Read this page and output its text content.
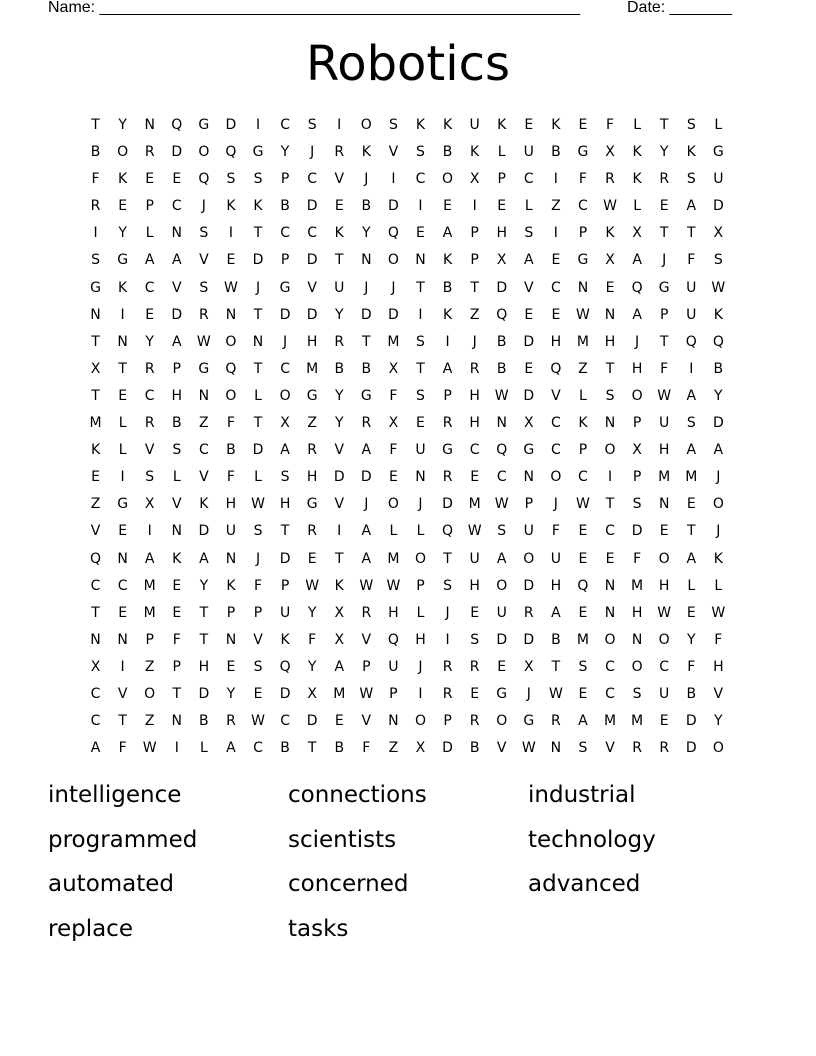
Name: ______________________________________________________	Date: _______
Robotics
T	Y	N	Q	G	D	I	C	S	I	O	S	K	K	U	K	E	K	E	F	L	T	S	L
B	O	R	D	O	Q	G	Y	J	R	K	V	S	B	K	L	U	B	G	X	K	Y	K	G
F	K	E	E	Q	S	S	P	C	V	J	I	C	O	X	P	C	I	F	R	K	R	S	U
R	E	P	C	J	K	K	B	D	E	B	D	I	E	I	E	L	Z	C	W	L	E	A	D
I	Y	L	N	S	I	T	C	C	K	Y	Q	E	A	P	H	S	I	P	K	X	T	T	X
S	G	A	A	V	E	D	P	D	T	N	O	N	K	P	X	A	E	G	X	A	J	F	S
G	K	C	V	S	W	J	G	V	U	J	J	T	B	T	D	V	C	N	E	Q	G	U	W
N	I	E	D	R	N	T	D	D	Y	D	D	I	K	Z	Q	E	E	W	N	A	P	U	K
T	N	Y	A	W	O	N	J	H	R	T	M	S	I	J	B	D	H	M	H	J	T	Q	Q
X	T	R	P	G	Q	T	C	M	B	B	X	T	A	R	B	E	Q	Z	T	H	F	I	B
T	E	C	H	N	O	L	O	G	Y	G	F	S	P	H	W	D	V	L	S	O	W	A	Y
M	L	R	B	Z	F	T	X	Z	Y	R	X	E	R	H	N	X	C	K	N	P	U	S	D
K	L	V	S	C	B	D	A	R	V	A	F	U	G	C	Q	G	C	P	O	X	H	A	A
E	I	S	L	V	F	L	S	H	D	D	E	N	R	E	C	N	O	C	I	P	M	M	J
Z	G	X	V	K	H	W	H	G	V	J	O	J	D	M	W	P	J	W	T	S	N	E	O
V	E	I	N	D	U	S	T	R	I	A	L	L	Q	W	S	U	F	E	C	D	E	T	J
Q	N	A	K	A	N	J	D	E	T	A	M	O	T	U	A	O	U	E	E	F	O	A	K
C	C	M	E	Y	K	F	P	W	K	W W	P	S	H	O	D	H	Q	N	M	H	L	L
T	E	M	E	T	P	P	U	Y	X	R	H	L	J	E	U	R	A	E	N	H	W	E	W
N	N	P	F	T	N	V	K	F	X	V	Q	H	I	S	D	D	B	M	O	N	O	Y	F
X	I	Z	P	H	E	S	Q	Y	A	P	U	J	R	R	E	X	T	S	C	O	C	F	H
C	V	O	T	D	Y	E	D	X	M	W	P	I	R	E	G	J	W	E	C	S	U	B	V
C	T	Z	N	B	R	W	C	D	E	V	N	O	P	R	O	G	R	A	M	M	E	D	Y
A	F	W	I	L	A	C	B	T	B	F	Z	X	D	B	V	W	N	S	V	R	R	D	O
intelligence	connections	industrial
programmed	scientists	technology
automated	concerned	advanced
replace	tasks
